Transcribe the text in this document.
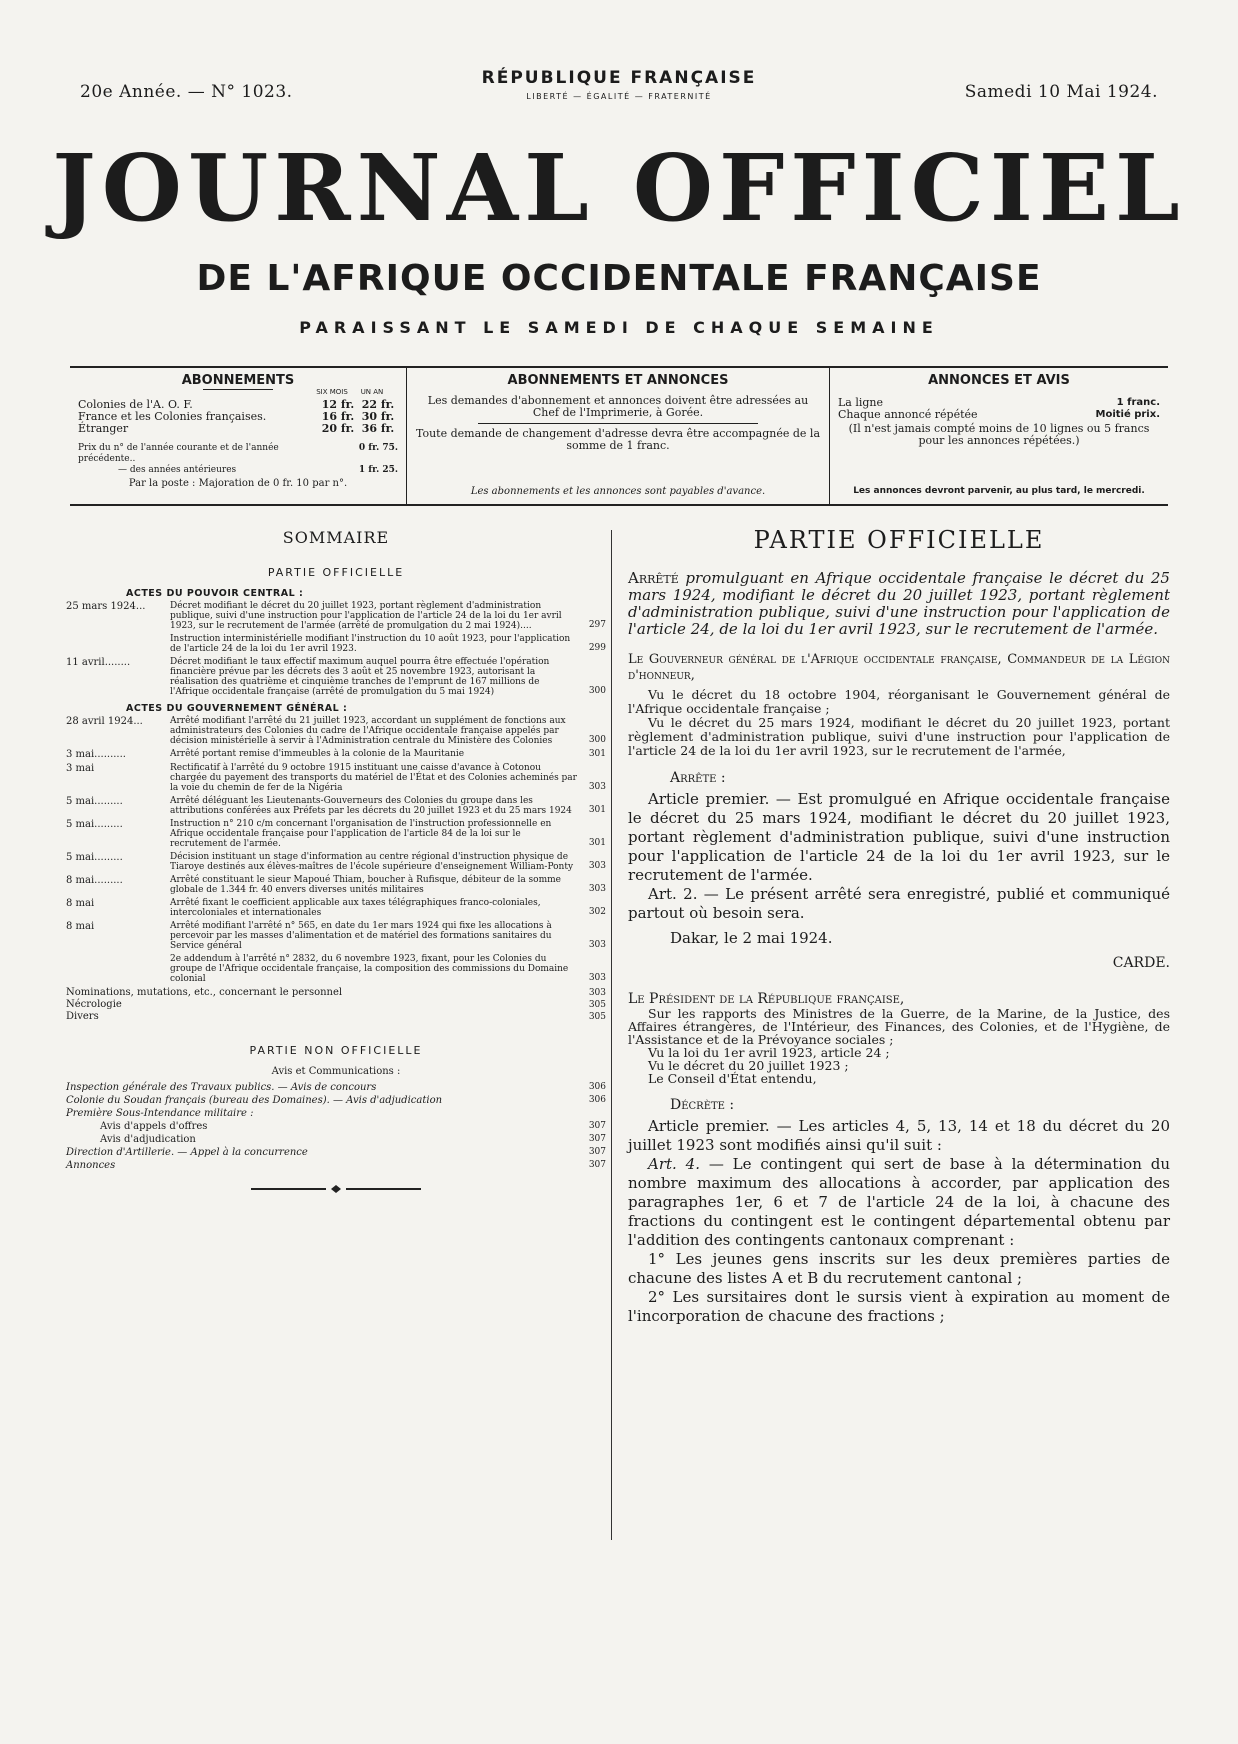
20e Année. — N° 1023.
RÉPUBLIQUE FRANÇAISE
LIBERTÉ — ÉGALITÉ — FRATERNITÉ	Samedi 10 Mai 1924.
JOURNAL OFFICIEL
DE L'AFRIQUE OCCIDENTALE FRANÇAISE
PARAISSANT LE SAMEDI DE CHAQUE SEMAINE
ABONNEMENTS
SIX MOIS	UN AN
Colonies de l'A. O. F.	12 fr. 22 fr.
France et les Colonies françaises.	16 fr. 30 fr.
Étranger	20 fr. 36 fr.
Prix du n° de l'année courante et de l'année précédente..
0 fr. 75.
— des années antérieures	1 fr. 25.
Par la poste : Majoration de 0 fr. 10 par n°.
ABONNEMENTS ET ANNONCES

Les demandes d'abonnement et annonces doivent être adressées au Chef de l'Imprimerie, à Gorée.

Toute demande de changement d'adresse devra être accompagnée de la somme de 1 franc.

Les abonnements et les annonces sont payables d'avance.
ANNONCES ET AVIS
La ligne	1 franc.
Chaque annoncé répétée	Moitié prix.
(Il n'est jamais compté moins de 10 lignes ou 5 francs pour les annonces répétées.)
Les annonces devront parvenir, au plus tard, le mercredi.
SOMMAIRE
PARTIE OFFICIELLE
ACTES DU POUVOIR CENTRAL :
25 mars 1924...	Décret modifiant le décret du 20 juillet 1923, portant règlement d'administration publique, suivi d'une instruction pour l'application de l'article 24 de la loi du 1er avril 1923, sur le recrutement de l'armée (arrêté de promulgation du 2 mai 1924)....	297
Instruction interministérielle modifiant l'instruction du 10 août 1923, pour l'application de l'article 24 de la loi du 1er avril 1923.	299
11 avril........	Décret modifiant le taux effectif maximum auquel pourra être effectuée l'opération financière prévue par les décrets des 3 août et 25 novembre 1923, autorisant la réalisation des quatrième et cinquième tranches de l'emprunt de 167 millions de l'Afrique occidentale française (arrêté de promulgation du 5 mai 1924)	300
ACTES DU GOUVERNEMENT GÉNÉRAL :
28 avril 1924...	Arrêté modifiant l'arrêté du 21 juillet 1923, accordant un supplément de fonctions aux administrateurs des Colonies du cadre de l'Afrique occidentale française appelés par décision ministérielle à servir à l'Administration centrale du Ministère des Colonies	300
3 mai..........	Arrêté portant remise d'immeubles à la colonie de la Mauritanie	301
3 mai	Rectificatif à l'arrêté du 9 octobre 1915 instituant une caisse d'avance à Cotonou chargée du payement des transports du matériel de l'État et des Colonies acheminés par la voie du chemin de fer de la Nigéria	303
5 mai.........	Arrêté déléguant les Lieutenants-Gouverneurs des Colonies du groupe dans les attributions conférées aux Préfets par les décrets du 20 juillet 1923 et du 25 mars 1924	301
5 mai.........	Instruction n° 210 c/m concernant l'organisation de l'instruction professionnelle en Afrique occidentale française pour l'application de l'article 84 de la loi sur le recrutement de l'armée.	301
5 mai.........	Décision instituant un stage d'information au centre régional d'instruction physique de Tiaroye destinés aux élèves-maîtres de l'école supérieure d'enseignement William-Ponty	303
8 mai.........	Arrêté constituant le sieur Mapoué Thiam, boucher à Rufisque, débiteur de la somme globale de 1.344 fr. 40 envers diverses unités militaires	303
8 mai	Arrêté fixant le coefficient applicable aux taxes télégraphiques franco-coloniales, intercoloniales et internationales	302
8 mai	Arrêté modifiant l'arrêté n° 565, en date du 1er mars 1924 qui fixe les allocations à percevoir par les masses d'alimentation et de matériel des formations sanitaires du Service général	303
2e addendum à l'arrêté n° 2832, du 6 novembre 1923, fixant, pour les Colonies du groupe de l'Afrique occidentale française, la composition des commissions du Domaine colonial	303
Nominations, mutations, etc., concernant le personnel	303
Nécrologie	305
Divers	305
PARTIE NON OFFICIELLE
Avis et Communications :
Inspection générale des Travaux publics. — Avis de concours	306
Colonie du Soudan français (bureau des Domaines). — Avis d'adjudication	306
Première Sous-Intendance militaire :
Avis d'appels d'offres	307
Avis d'adjudication	307
Direction d'Artillerie. — Appel à la concurrence	307
Annonces	307
PARTIE OFFICIELLE
Arrêté promulguant en Afrique occidentale française le décret du 25 mars 1924, modifiant le décret du 20 juillet 1923, portant règlement d'administration publique, suivi d'une instruction pour l'application de l'article 24, de la loi du 1er avril 1923, sur le recrutement de l'armée.
Le Gouverneur général de l'Afrique occidentale française, Commandeur de la Légion d'honneur,
Vu le décret du 18 octobre 1904, réorganisant le Gouvernement général de l'Afrique occidentale française ;
Vu le décret du 25 mars 1924, modifiant le décret du 20 juillet 1923, portant règlement d'administration publique, suivi d'une instruction pour l'application de l'article 24 de la loi du 1er avril 1923, sur le recrutement de l'armée,
Arrête :
Article premier. — Est promulgué en Afrique occidentale française le décret du 25 mars 1924, modifiant le décret du 20 juillet 1923, portant règlement d'administration publique, suivi d'une instruction pour l'application de l'article 24 de la loi du 1er avril 1923, sur le recrutement de l'armée.
Art. 2. — Le présent arrêté sera enregistré, publié et communiqué partout où besoin sera.
Dakar, le 2 mai 1924.
CARDE.
Le Président de la République française,
Sur les rapports des Ministres de la Guerre, de la Marine, de la Justice, des Affaires étrangères, de l'Intérieur, des Finances, des Colonies, et de l'Hygiène, de l'Assistance et de la Prévoyance sociales ;
Vu la loi du 1er avril 1923, article 24 ;
Vu le décret du 20 juillet 1923 ;
Le Conseil d'État entendu,
Décrète :
Article premier. — Les articles 4, 5, 13, 14 et 18 du décret du 20 juillet 1923 sont modifiés ainsi qu'il suit :
Art. 4. — Le contingent qui sert de base à la détermination du nombre maximum des allocations à accorder, par application des paragraphes 1er, 6 et 7 de l'article 24 de la loi, à chacune des fractions du contingent est le contingent départemental obtenu par l'addition des contingents cantonaux comprenant :
1° Les jeunes gens inscrits sur les deux premières parties de chacune des listes A et B du recrutement cantonal ;
2° Les sursitaires dont le sursis vient à expiration au moment de l'incorporation de chacune des fractions ;
